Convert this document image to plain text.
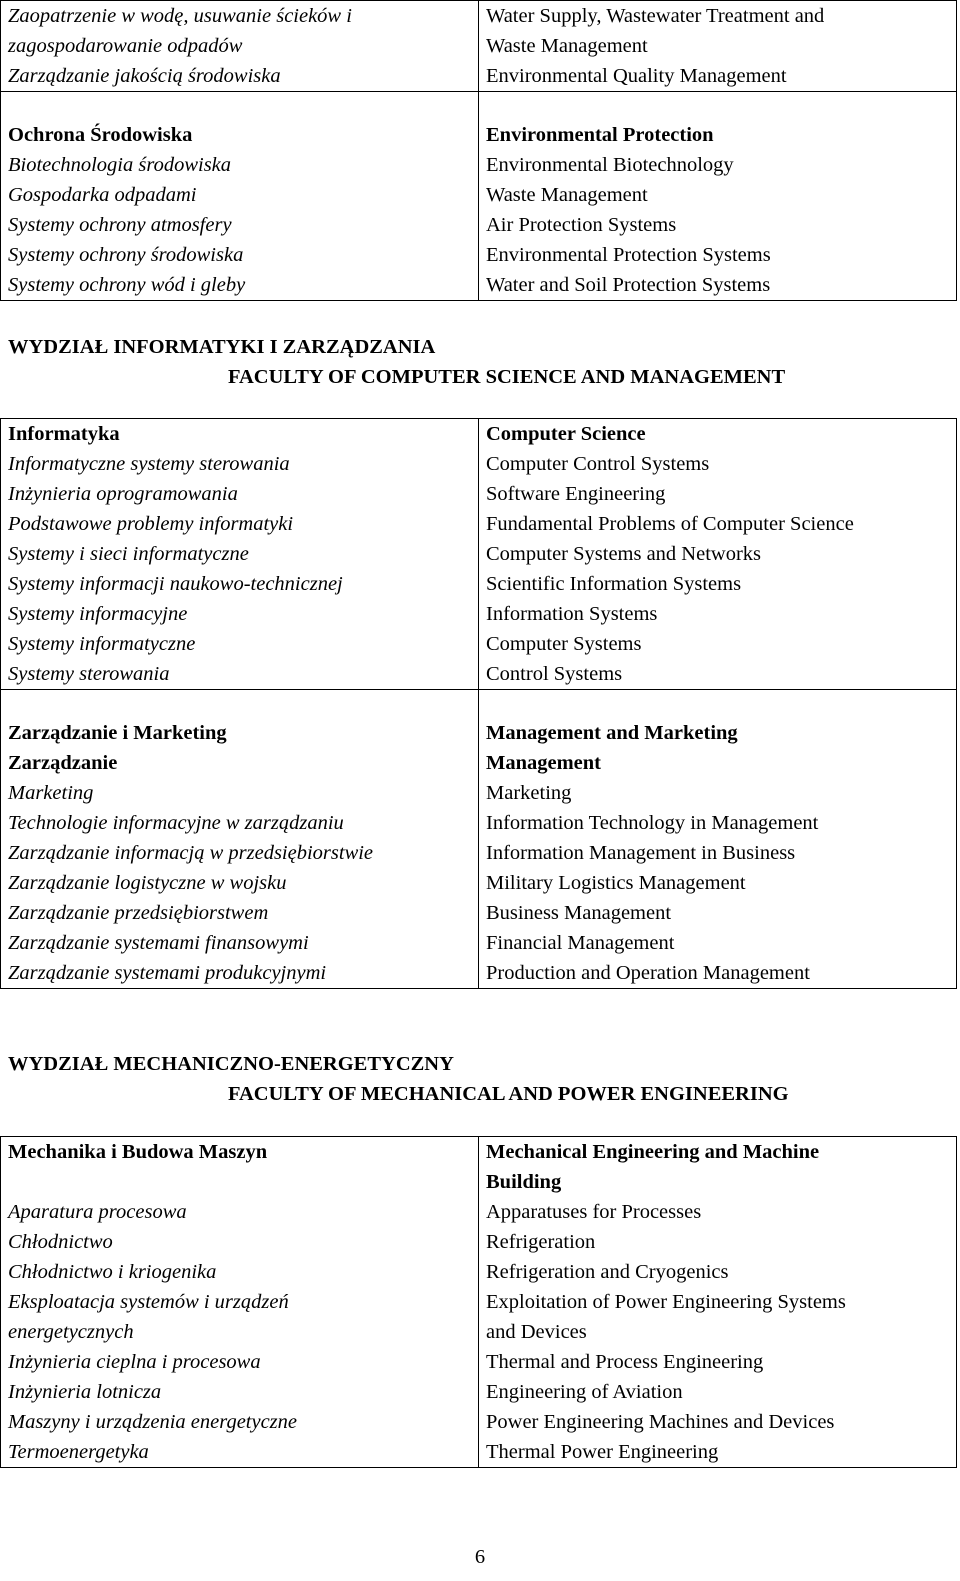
Zaopatrzenie w wodę, usuwanie ścieków i
zagospodarowanie odpadów
Zarządzanie jakością środowiska
Water Supply, Wastewater Treatment and
Waste Management
Environmental Quality Management
Ochrona Środowiska
Biotechnologia środowiska
Gospodarka odpadami
Systemy ochrony atmosfery
Systemy ochrony środowiska
Systemy ochrony wód i gleby
Environmental Protection
Environmental Biotechnology
Waste Management
Air Protection Systems
Environmental Protection Systems
Water and Soil Protection Systems
WYDZIAŁ INFORMATYKI I ZARZĄDZANIA
FACULTY OF COMPUTER SCIENCE AND MANAGEMENT
Informatyka
Informatyczne systemy sterowania
Inżynieria oprogramowania
Podstawowe problemy informatyki
Systemy i sieci informatyczne
Systemy informacji naukowo-technicznej
Systemy informacyjne
Systemy informatyczne
Systemy sterowania
Computer Science
Computer Control Systems
Software Engineering
Fundamental Problems of Computer Science
Computer Systems and Networks
Scientific Information Systems
Information Systems
Computer Systems
Control Systems
Zarządzanie i Marketing
Zarządzanie
Marketing
Technologie informacyjne w zarządzaniu
Zarządzanie informacją w przedsiębiorstwie
Zarządzanie logistyczne w wojsku
Zarządzanie przedsiębiorstwem
Zarządzanie systemami finansowymi
Zarządzanie systemami produkcyjnymi
Management and Marketing
Management
Marketing
Information Technology in Management
Information Management in Business
Military Logistics Management
Business Management
Financial Management
Production and Operation Management
WYDZIAŁ MECHANICZNO-ENERGETYCZNY
FACULTY OF MECHANICAL AND POWER ENGINEERING
Mechanika i Budowa Maszyn

Aparatura procesowa
Chłodnictwo
Chłodnictwo i kriogenika
Eksploatacja systemów i urządzeń
energetycznych
Inżynieria cieplna i procesowa
Inżynieria lotnicza
Maszyny i urządzenia energetyczne
Termoenergetyka
Mechanical Engineering and Machine
Building
Apparatuses for Processes
Refrigeration
Refrigeration and Cryogenics
Exploitation of Power Engineering Systems
and Devices
Thermal and Process Engineering
Engineering of Aviation
Power Engineering Machines and Devices
Thermal Power Engineering
6
